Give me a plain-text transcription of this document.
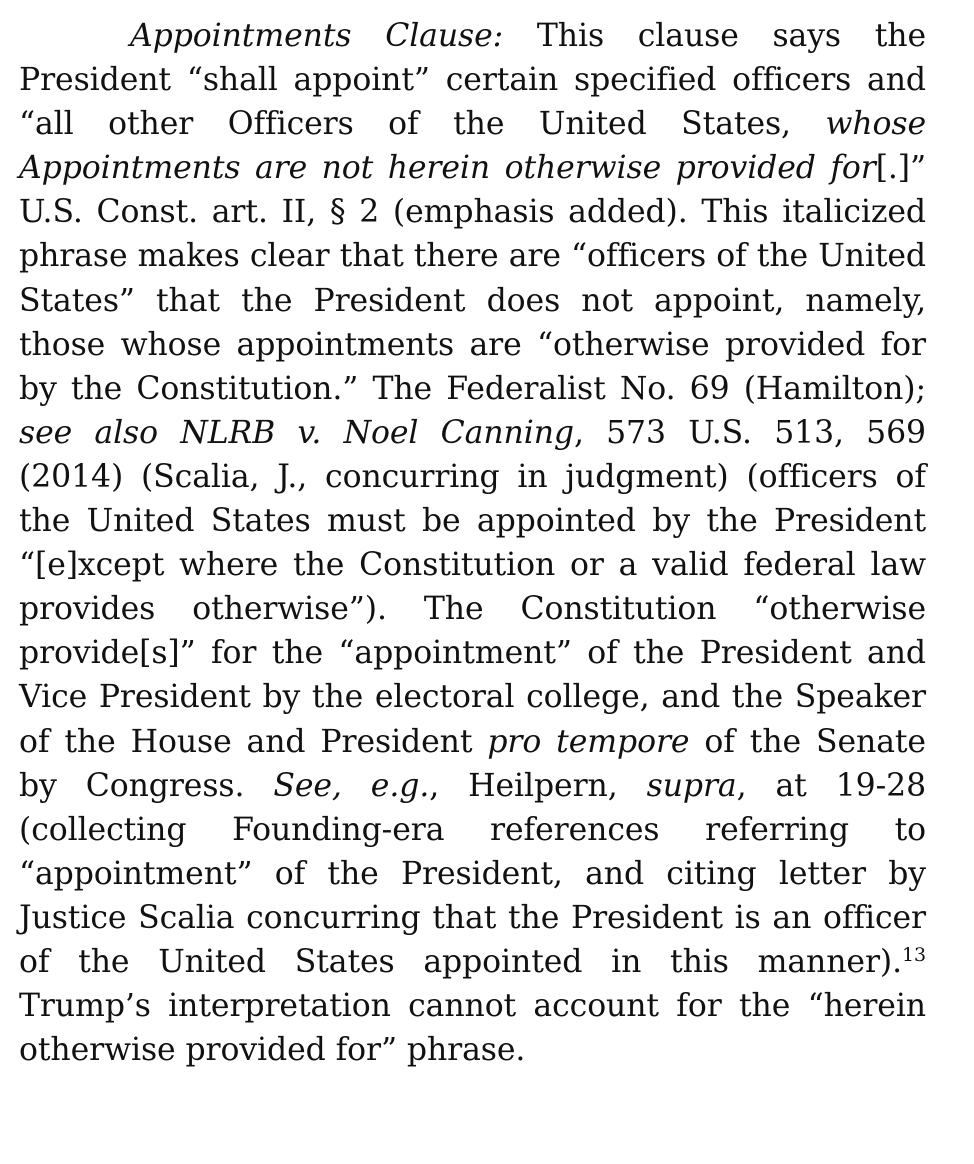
Appointments Clause: This clause says the President “shall appoint” certain specified officers and “all other Officers of the United States, whose Appointments are not herein otherwise provided for[.]” U.S. Const. art. II, § 2 (emphasis added). This italicized phrase makes clear that there are “officers of the United States” that the President does not appoint, namely, those whose appointments are “otherwise provided for by the Constitution.” The Federalist No. 69 (Hamilton); see also NLRB v. Noel Canning, 573 U.S. 513, 569 (2014) (Scalia, J., concurring in judgment) (officers of the United States must be appointed by the President “[e]xcept where the Constitution or a valid federal law provides otherwise”). The Constitution “otherwise provide[s]” for the “appointment” of the President and Vice President by the electoral college, and the Speaker of the House and President pro tempore of the Senate by Congress. See, e.g., Heilpern, supra, at 19-28 (collecting Founding-era references referring to “appointment” of the President, and citing letter by Justice Scalia concurring that the President is an officer of the United States appointed in this manner).$^{13}$ Trump’s interpretation cannot account for the “herein otherwise provided for” phrase.
